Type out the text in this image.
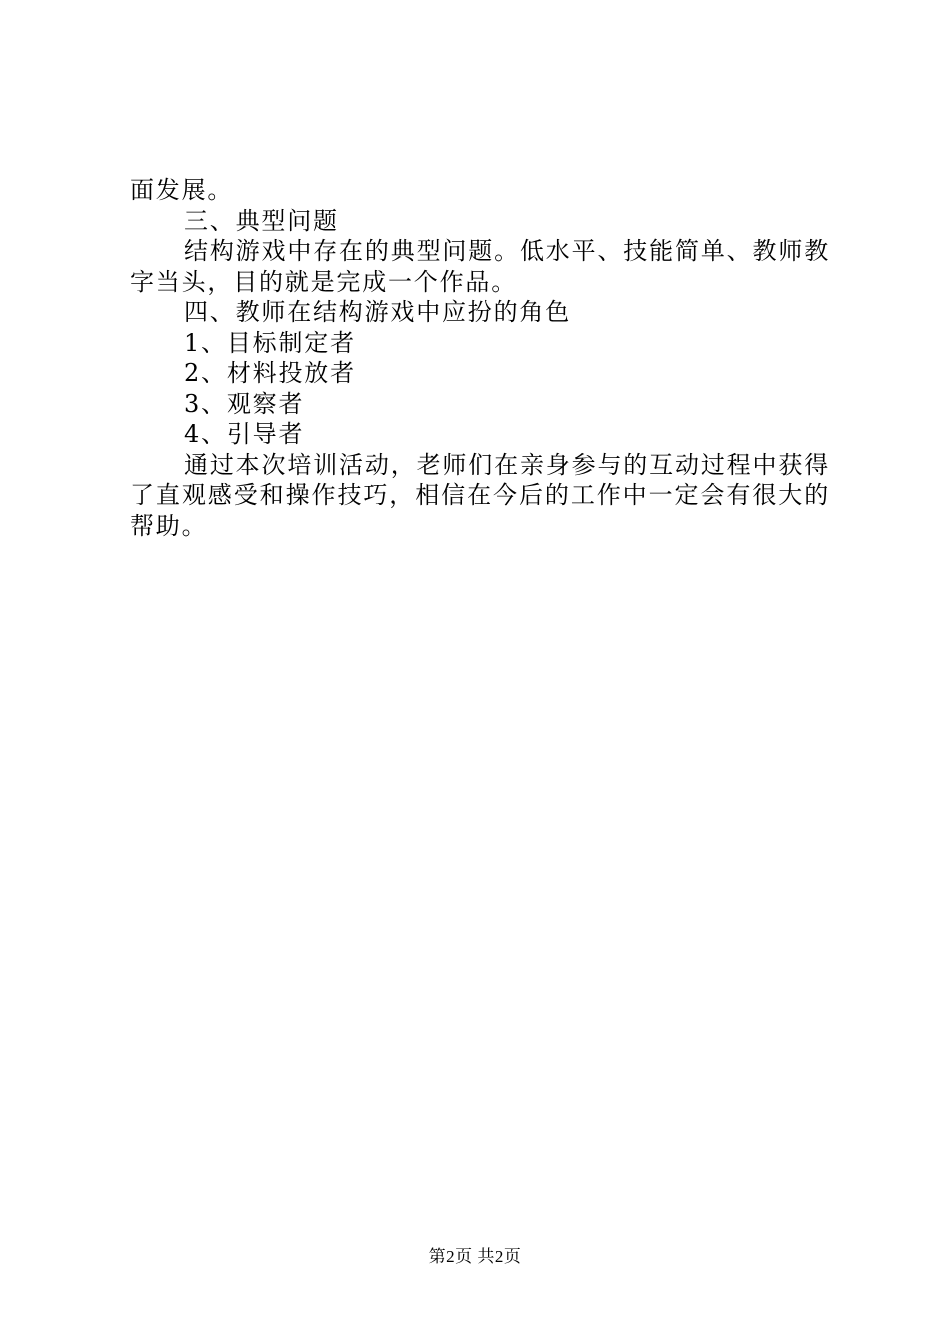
面发展。
三、典型问题
结构游戏中存在的典型问题。低水平、技能简单、教师教字当头，目的就是完成一个作品。
四、教师在结构游戏中应扮的角色
1、目标制定者
2、材料投放者
3、观察者
4、引导者
通过本次培训活动，老师们在亲身参与的互动过程中获得了直观感受和操作技巧，相信在今后的工作中一定会有很大的帮助。
第2页 共2页
